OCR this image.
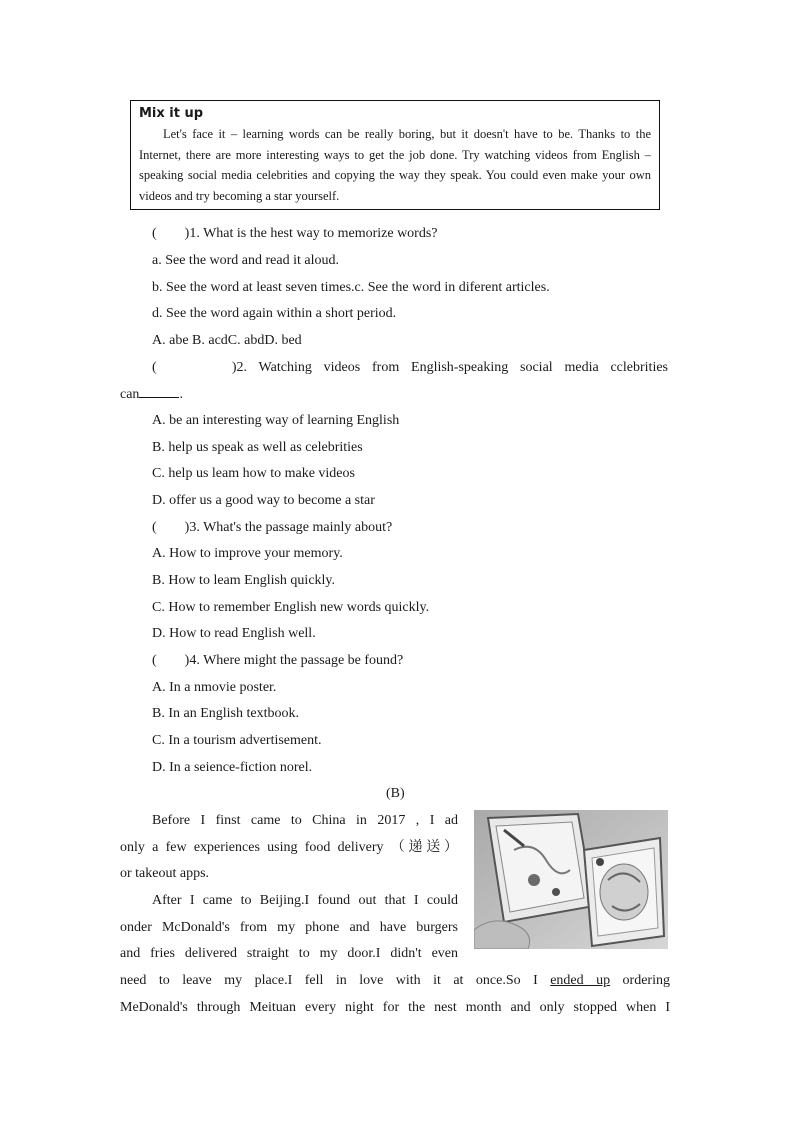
Mix it up
Let's face it – learning words can be really boring, but it doesn't have to be. Thanks to the Internet, there are more interesting ways to get the job done. Try watching videos from English – speaking social media celebrities and copying the way they speak. You could even make your own videos and try becoming a star yourself.
(　　)1. What is the hest way to memorize words?
a. See the word and read it aloud.
b. See the word at least seven times.c. See the word in diferent articles.
d. See the word again within a short period.
A. abe B. acdC. abdD. bed
(　　　)2. Watching videos from English-speaking social media cclebrities
can	.
A. be an interesting way of learning English
B. help us speak as well as celebrities
C. help us leam how to make videos
D. offer us a good way to become a star
(　　)3. What's the passage mainly about?
A. How to improve your memory.
B. How to leam English quickly.
C. How to remember English new words quickly.
D. How to read English well.
(　　)4. Where might the passage be found?
A. In a nmovie poster.
B. In an English textbook.
C. In a tourism advertisement.
D. In a seience-fiction norel.
(B)
Before I finst came to China in 2017 , I ad
only a few experiences using food delivery （递送）
or takeout apps.
After I came to Beijing.I found out that I could
onder McDonald's from my phone and have burgers
and fries delivered straight to my door.I didn't even
need to leave my place.I fell in love with it at once.So I ended up ordering
MeDonald's through Meituan every night for the nest month and only stopped when I
